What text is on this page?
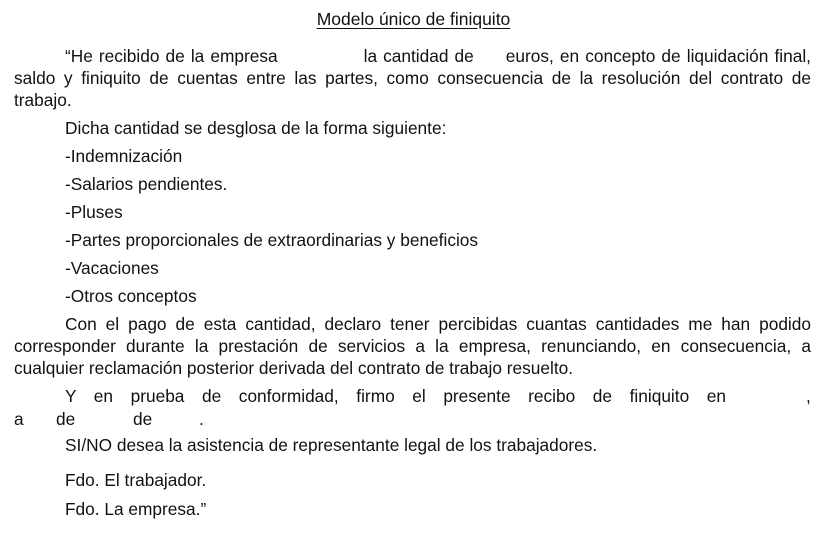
Modelo único de finiquito

“He recibido de la empresa	la cantidad de euros, en concepto de liquidación final, saldo y finiquito de cuentas entre las partes, como consecuencia de la resolución del contrato de trabajo.

Dicha cantidad se desglosa de la forma siguiente:
-Indemnización
-Salarios pendientes.
-Pluses
-Partes proporcionales de extraordinarias y beneficios
-Vacaciones
-Otros conceptos

Con el pago de esta cantidad, declaro tener percibidas cuantas cantidades me han podido corresponder durante la prestación de servicios a la empresa, renunciando, en consecuencia, a cualquier reclamación posterior derivada del contrato de trabajo resuelto.

Y en prueba de conformidad, firmo el presente recibo de finiquito en	,
a de	de	.
SI/NO desea la asistencia de representante legal de los trabajadores.
Fdo. El trabajador.
Fdo. La empresa.”
